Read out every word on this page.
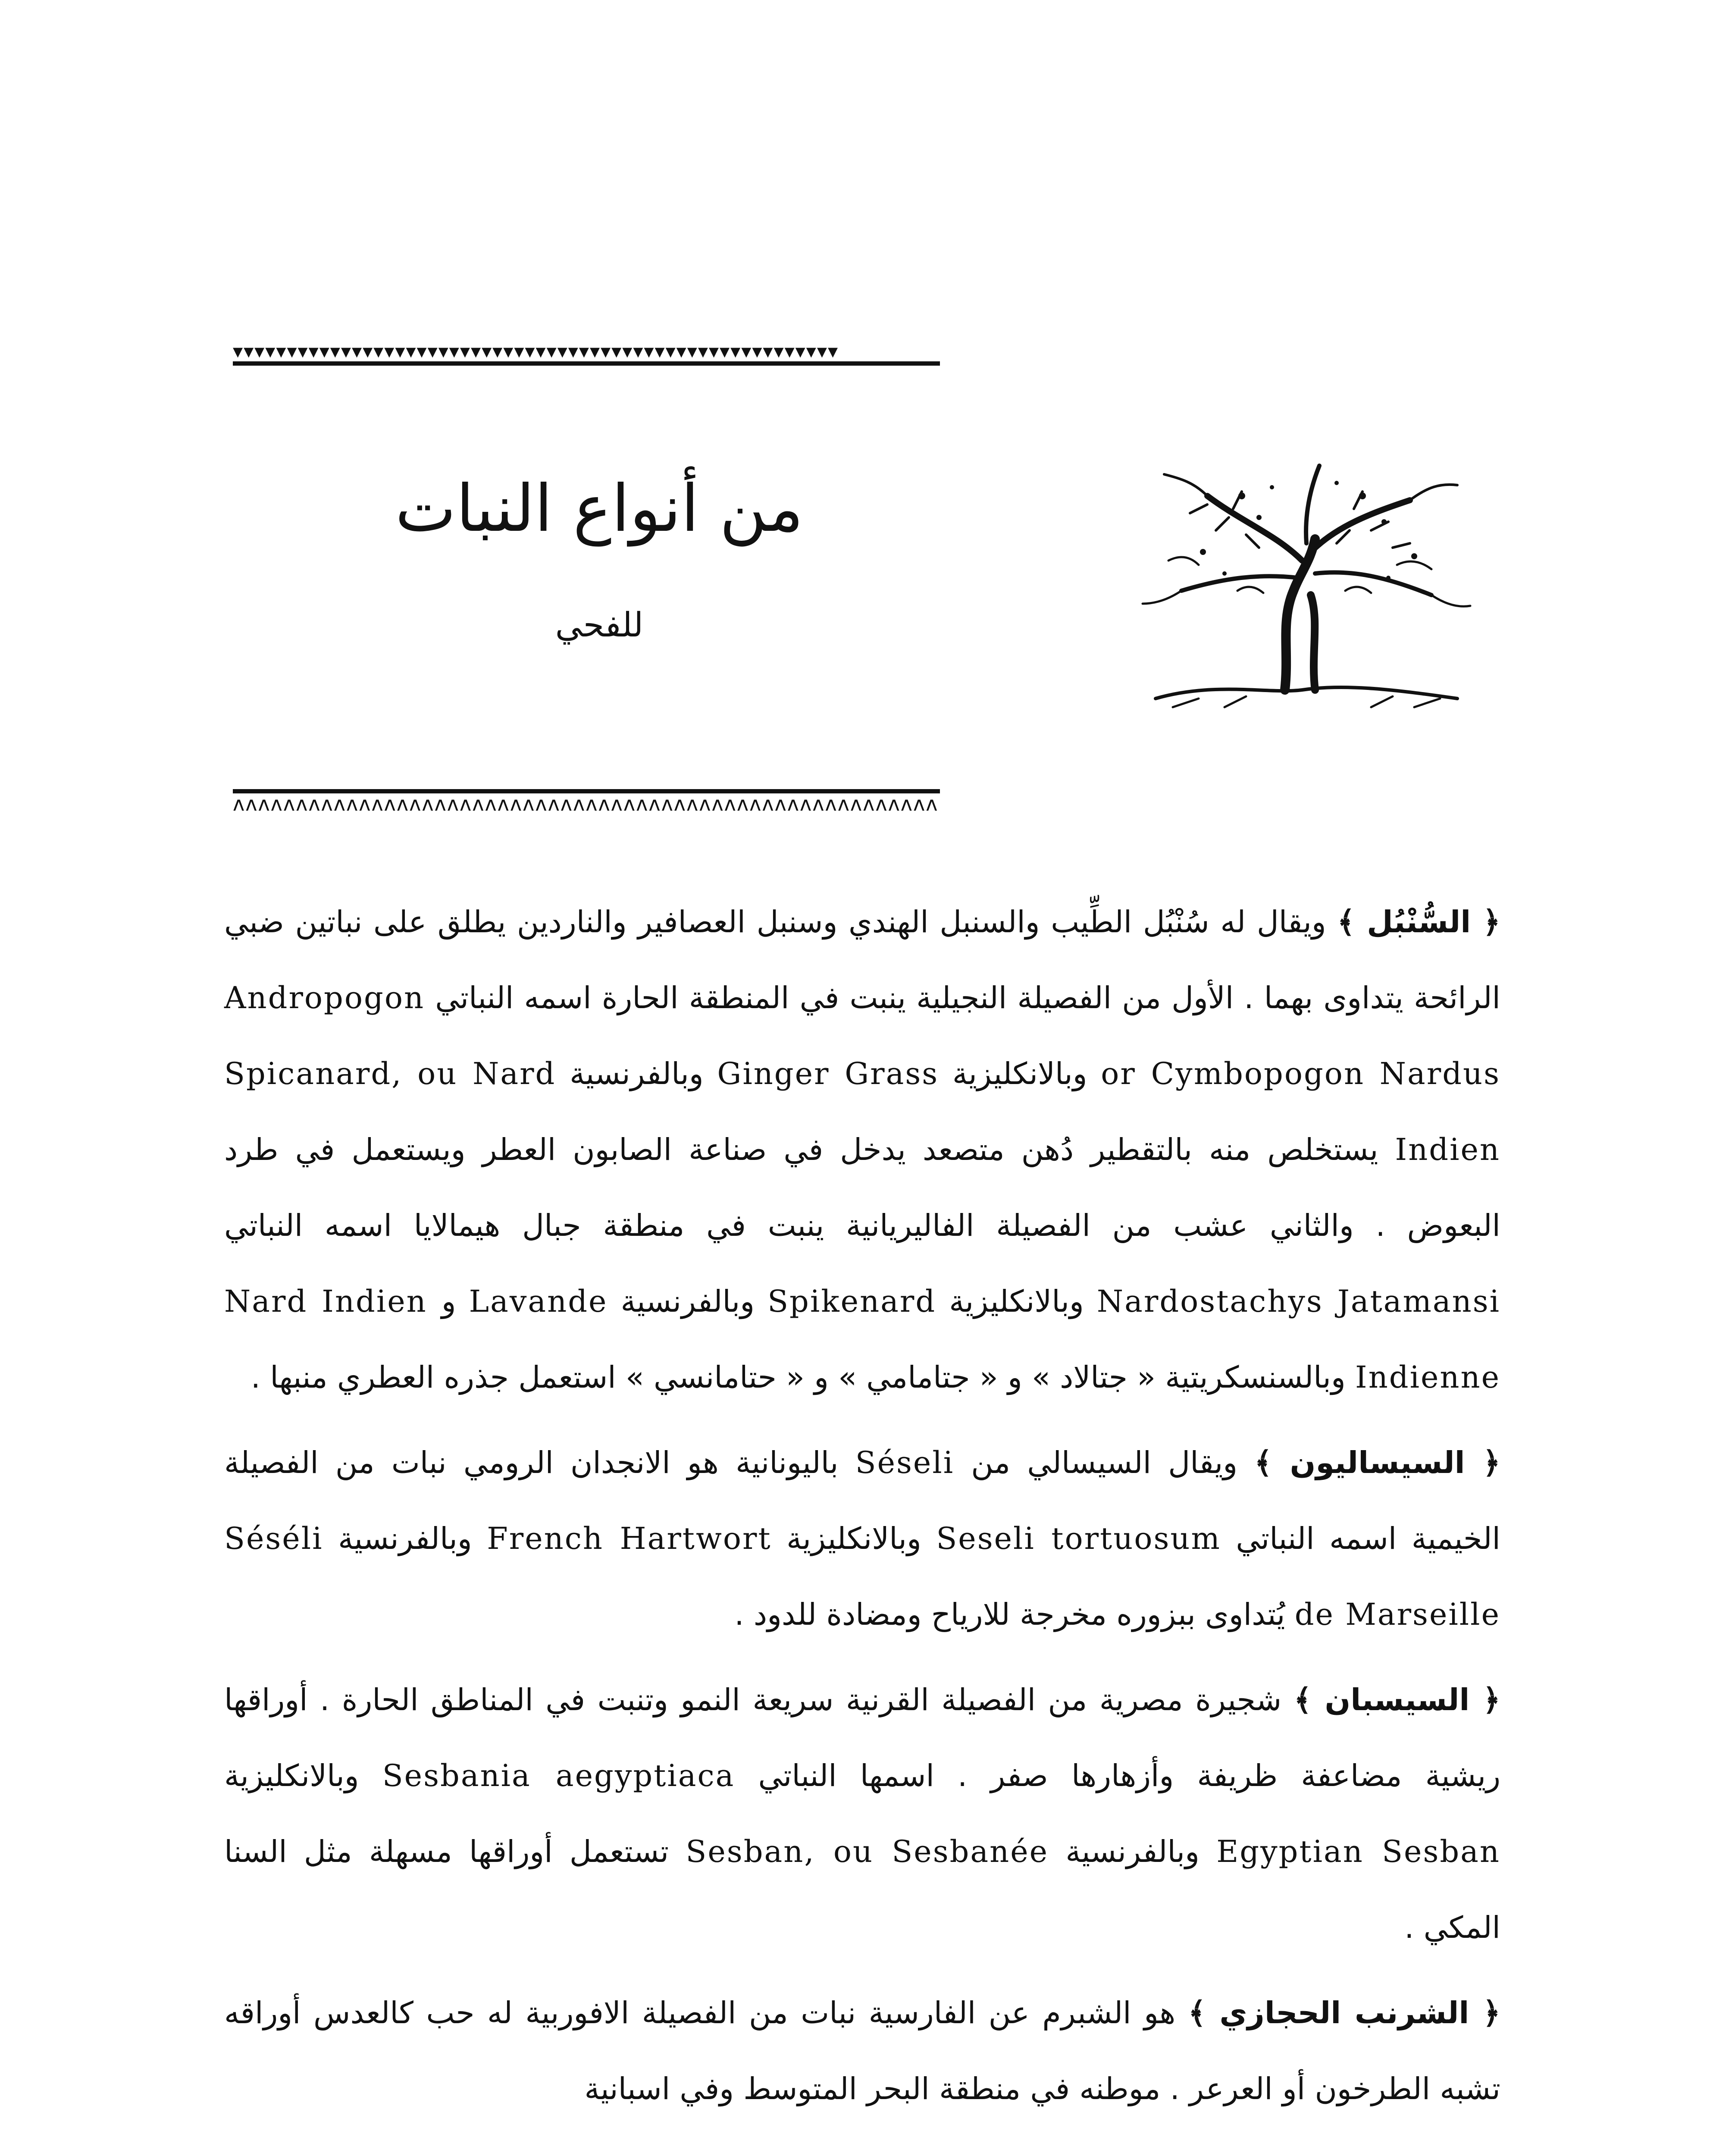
▾▾▾▾▾▾▾▾▾▾▾▾▾▾▾▾▾▾▾▾▾▾▾▾▾▾▾▾▾▾▾▾▾▾▾▾▾▾▾▾▾▾▾▾▾▾▾▾▾▾▾▾▾▾▾▾
من أنواع النبات
للفحي
ᴧᴧᴧᴧᴧᴧᴧᴧᴧᴧᴧᴧᴧᴧᴧᴧᴧᴧᴧᴧᴧᴧᴧᴧᴧᴧᴧᴧᴧᴧᴧᴧᴧᴧᴧᴧᴧᴧᴧᴧᴧᴧᴧᴧᴧᴧᴧᴧᴧᴧᴧᴧᴧᴧᴧᴧ

﴿ السُّنْبُل ﴾ ويقال له سُنْبُل الطِّيب والسنبل الهندي وسنبل العصافير والناردين يطلق على نباتين ضبي الرائحة يتداوى بهما . الأول من الفصيلة النجيلية ينبت في المنطقة الحارة اسمه النباتي Andropogon or Cymbopogon Nardus وبالانكليزية Ginger Grass وبالفرنسية Spicanard, ou Nard Indien يستخلص منه بالتقطير دُهن متصعد يدخل في صناعة الصابون العطر ويستعمل في طرد البعوض . والثاني عشب من الفصيلة الفاليريانية ينبت في منطقة جبال هيمالايا اسمه النباتي Nardostachys Jatamansi وبالانكليزية Spikenard وبالفرنسية Nard Indien و Lavande Indienne وبالسنسكريتية « جتالاد » و « جتامامي » و « حتامانسي » استعمل جذره العطري منبها .

﴿ السيساليون ﴾ ويقال السيسالي من Séseli باليونانية هو الانجدان الرومي نبات من الفصيلة الخيمية اسمه النباتي Seseli tortuosum وبالانكليزية French Hartwort وبالفرنسية Séséli de Marseille يُتداوى ببزوره مخرجة للارياح ومضادة للدود .

﴿ السيسبان ﴾ شجيرة مصرية من الفصيلة القرنية سريعة النمو وتنبت في المناطق الحارة . أوراقها ريشية مضاعفة ظريفة وأزهارها صفر . اسمها النباتي Sesbania aegyptiaca وبالانكليزية Egyptian Sesban وبالفرنسية Sesban, ou Sesbanée تستعمل أوراقها مسهلة مثل السنا المكي .

﴿ الشرنب الحجازي ﴾ هو الشبرم عن الفارسية نبات من الفصيلة الافوربية له حب كالعدس أوراقه تشبه الطرخون أو العرعر . موطنه في منطقة البحر المتوسط وفي اسبانية
